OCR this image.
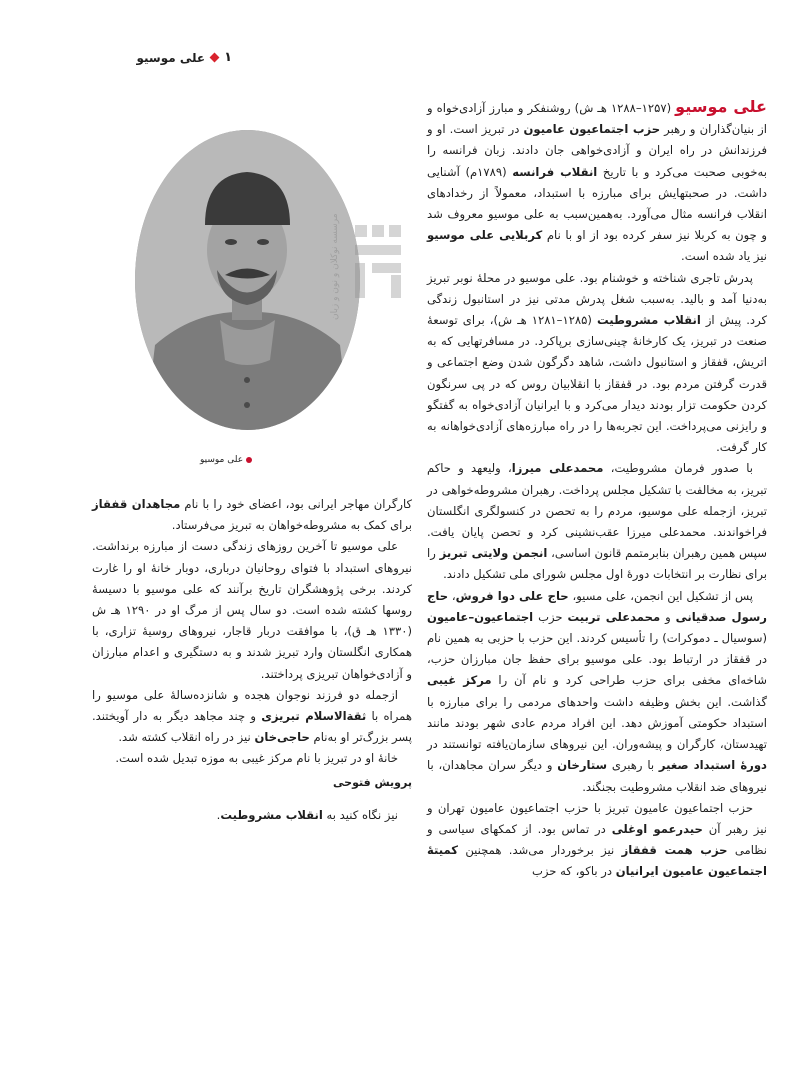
۱
علی موسیو
علی موسیو
مرسسه نوکلان و نون و زبان

علی موسیو (۱۲۵۷–۱۲۸۸ هـ ش) روشنفکر و مبارز آزادی‌خواه و از بنیان‌گذاران و رهبر حزب اجتماعیون عامیون در تبریز است. او و فرزندانش در راه ایران و آزادی‌خواهی جان دادند. زبان فرانسه را به‌خوبی صحبت می‌کرد و با تاریخ انقلاب فرانسه (۱۷۸۹م) آشنایی داشت. در صحبتهایش برای مبارزه با استبداد، معمولاً از رخدادهای انقلاب فرانسه مثال می‌آورد. به‌همین‌سبب به علی موسیو معروف شد و چون به کربلا نیز سفر کرده بود از او با نام کربلایی علی موسیو نیز یاد شده است.

پدرش تاجری شناخته و خوشنام بود. علی موسیو در محلهٔ نوبر تبریز به‌دنیا آمد و بالید. به‌سبب شغل پدرش مدتی نیز در استانبول زندگی کرد. پیش از انقلاب مشروطیت (۱۲۸۵–۱۲۸۱ هـ ش)، برای توسعهٔ صنعت در تبریز، یک کارخانهٔ چینی‌سازی برپاکرد. در مسافرتهایی که به اتریش، قفقاز و استانبول داشت، شاهد دگرگون شدن وضع اجتماعی و قدرت گرفتن مردم بود. در قفقاز با انقلابیان روس که در پی سرنگون کردن حکومت تزار بودند دیدار می‌کرد و با ایرانیان آزادی‌خواه به گفتگو و رایزنی می‌پرداخت. این تجربه‌ها را در راه مبارزه‌های آزادی‌خواهانه به کار گرفت.

با صدور فرمان مشروطیت، محمدعلی میرزا، ولیعهد و حاکم تبریز، به مخالفت با تشکیل مجلس پرداخت. رهبران مشروطه‌خواهی در تبریز، ازجمله علی موسیو، مردم را به تحصن در کنسولگری انگلستان فراخواندند. محمدعلی میرزا عقب‌نشینی کرد و تحصن پایان یافت. سپس همین رهبران بنابرمتمم قانون اساسی، انجمن ولایتی تبریز را برای نظارت بر انتخابات دورهٔ اول مجلس شورای ملی تشکیل دادند.

پس از تشکیل این انجمن، علی مسیو، حاج علی دوا فروش، حاج رسول صدقیانی و محمدعلی تربیت حزب اجتماعیون–عامیون (سوسیال ـ دموکرات) را تأسیس کردند. این حزب با حزبی به همین نام در قفقاز در ارتباط بود. علی موسیو برای حفظ جان مبارزان حزب، شاخه‌ای مخفی برای حزب طراحی کرد و نام آن را مرکز غیبی گذاشت. این بخش وظیفه داشت واحدهای مردمی را برای مبارزه با استبداد حکومتی آموزش دهد. این افراد مردم عادی شهر بودند مانند تهیدستان، کارگران و پیشه‌وران. این نیروهای سازمان‌یافته توانستند در دورهٔ استبداد صغیر با رهبری ستارخان و دیگر سران مجاهدان، با نیروهای ضد انقلاب مشروطیت بجنگند.

حزب اجتماعیون عامیون تبریز با حزب اجتماعیون عامیون تهران و نیز رهبر آن حیدرعمو اوغلی در تماس بود. از کمکهای سیاسی و نظامی حزب همت قفقاز نیز برخوردار می‌شد. همچنین کمیتهٔ اجتماعیون عامیون ایرانیان در باکو، که حزب

کارگران مهاجر ایرانی بود، اعضای خود را با نام مجاهدان قفقاز برای کمک به مشروطه‌خواهان به تبریز می‌فرستاد.

علی موسیو تا آخرین روزهای زندگی دست از مبارزه برنداشت. نیروهای استبداد با فتوای روحانیان درباری، دوبار خانهٔ او را غارت کردند. برخی پژوهشگران تاریخ برآنند که علی موسیو با دسیسهٔ روسها کشته شده است. دو سال پس از مرگ او در ۱۲۹۰ هـ ش (۱۳۳۰ هـ ق)، با موافقت دربار قاجار، نیروهای روسیهٔ تزاری، با همکاری انگلستان وارد تبریز شدند و به دستگیری و اعدام مبارزان و آزادی‌خواهان تبریزی پرداختند.

ازجمله دو فرزند نوجوان هجده و شانزده‌سالهٔ علی موسیو را همراه با ثقةالاسلام تبریزی و چند مجاهد دیگر به دار آویختند. پسر بزرگ‌تر او به‌نام حاجی‌خان نیز در راه انقلاب کشته شد.

خانهٔ او در تبریز با نام مرکز غیبی به موزه تبدیل شده است.

پرویش فتوحی

نیز نگاه کنید به انقلاب مشروطیت.
